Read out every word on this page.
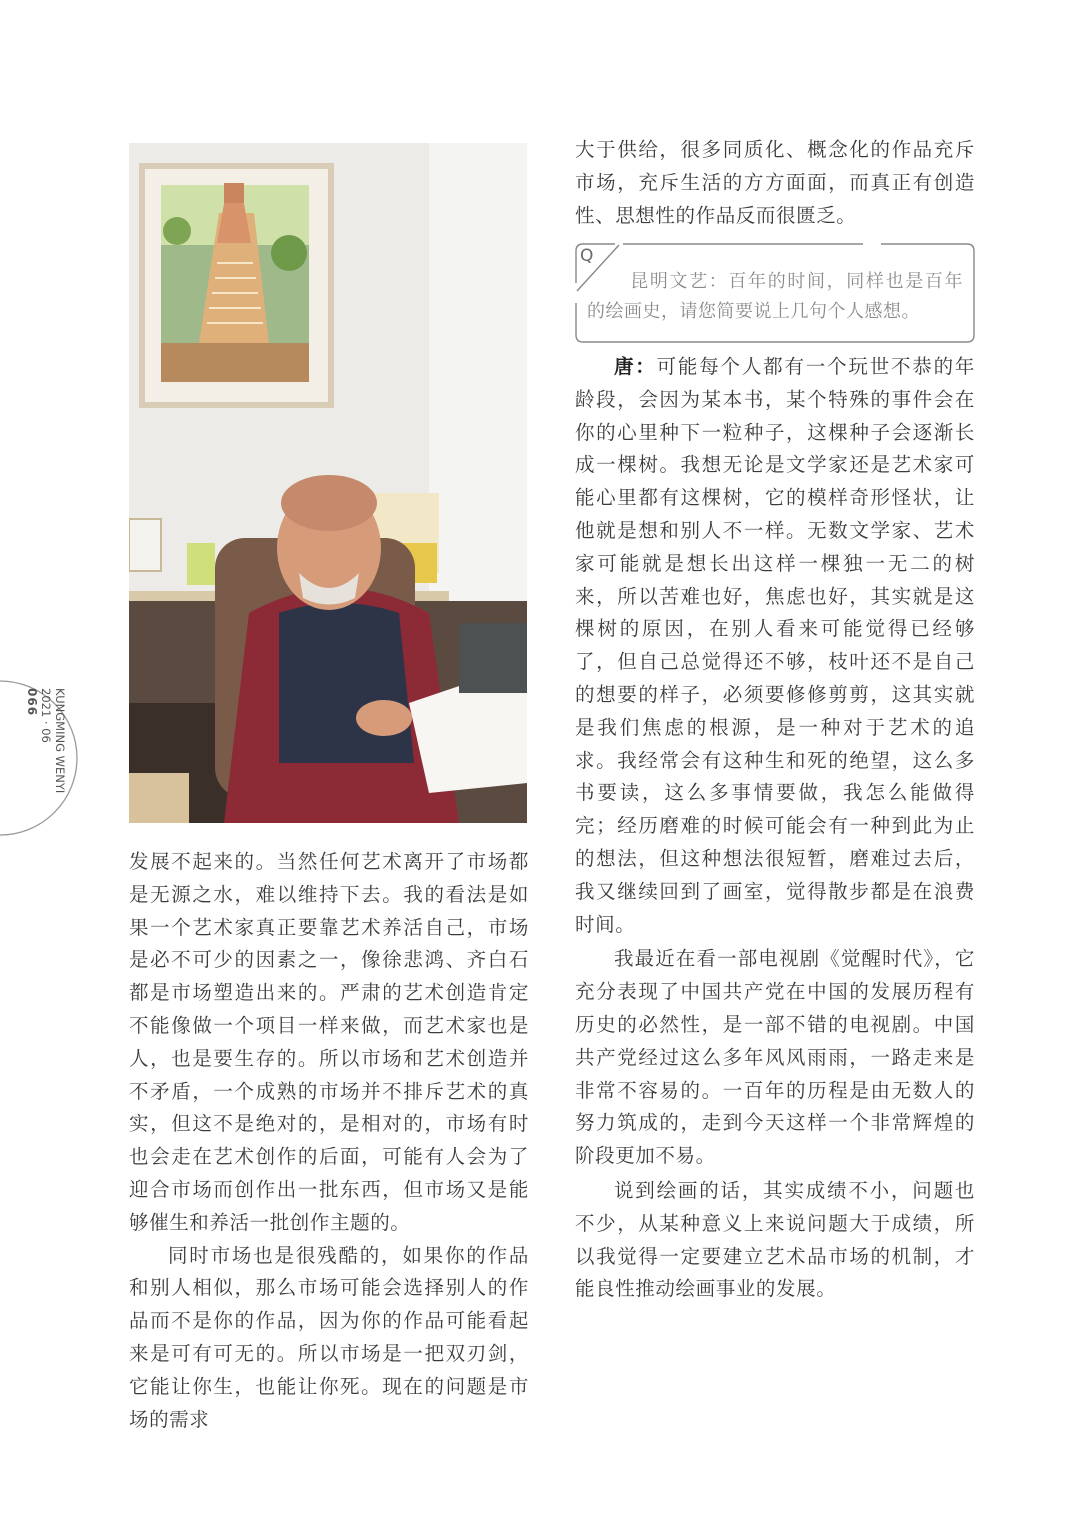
发展不起来的。当然任何艺术离开了市场都是无源之水，难以维持下去。我的看法是如果一个艺术家真正要靠艺术养活自己，市场是必不可少的因素之一，像徐悲鸿、齐白石都是市场塑造出来的。严肃的艺术创造肯定不能像做一个项目一样来做，而艺术家也是人，也是要生存的。所以市场和艺术创造并不矛盾，一个成熟的市场并不排斥艺术的真实，但这不是绝对的，是相对的，市场有时也会走在艺术创作的后面，可能有人会为了迎合市场而创作出一批东西，但市场又是能够催生和养活一批创作主题的。

同时市场也是很残酷的，如果你的作品和别人相似，那么市场可能会选择别人的作品而不是你的作品，因为你的作品可能看起来是可有可无的。所以市场是一把双刃剑，它能让你生，也能让你死。现在的问题是市场的需求

大于供给，很多同质化、概念化的作品充斥市场，充斥生活的方方面面，而真正有创造性、思想性的作品反而很匮乏。

Q
昆明文艺：百年的时间，同样也是百年的绘画史，请您简要说上几句个人感想。

唐：可能每个人都有一个玩世不恭的年龄段，会因为某本书，某个特殊的事件会在你的心里种下一粒种子，这棵种子会逐渐长成一棵树。我想无论是文学家还是艺术家可能心里都有这棵树，它的模样奇形怪状，让他就是想和别人不一样。无数文学家、艺术家可能就是想长出这样一棵独一无二的树来，所以苦难也好，焦虑也好，其实就是这棵树的原因，在别人看来可能觉得已经够了，但自己总觉得还不够，枝叶还不是自己的想要的样子，必须要修修剪剪，这其实就是我们焦虑的根源，是一种对于艺术的追求。我经常会有这种生和死的绝望，这么多书要读，这么多事情要做，我怎么能做得完；经历磨难的时候可能会有一种到此为止的想法，但这种想法很短暂，磨难过去后，我又继续回到了画室，觉得散步都是在浪费时间。

我最近在看一部电视剧《觉醒时代》，它充分表现了中国共产党在中国的发展历程有历史的必然性，是一部不错的电视剧。中国共产党经过这么多年风风雨雨，一路走来是非常不容易的。一百年的历程是由无数人的努力筑成的，走到今天这样一个非常辉煌的阶段更加不易。

说到绘画的话，其实成绩不小，问题也不少，从某种意义上来说问题大于成绩，所以我觉得一定要建立艺术品市场的机制，才能良性推动绘画事业的发展。

KUNGMING WENYI
2021 · 06
066
